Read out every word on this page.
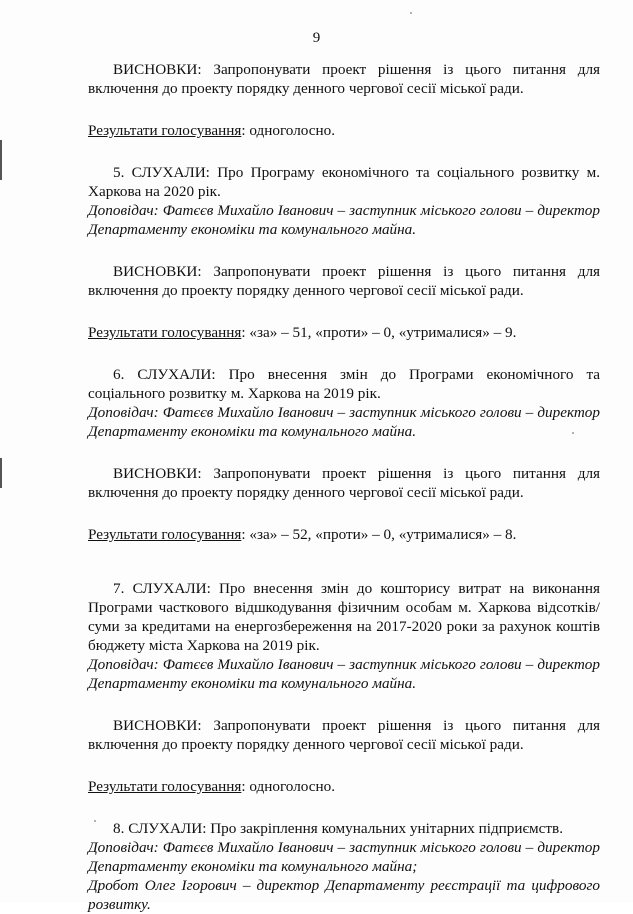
9

ВИСНОВКИ: Запропонувати проект рішення із цього питання для включення до проекту порядку денного чергової сесії міської ради.

Результати голосування: одноголосно.

5. СЛУХАЛИ: Про Програму економічного та соціального розвитку м. Харкова на 2020 рік.

Доповідач: Фатєєв Михайло Іванович – заступник міського голови – директор Департаменту економіки та комунального майна.

ВИСНОВКИ: Запропонувати проект рішення із цього питання для включення до проекту порядку денного чергової сесії міської ради.

Результати голосування: «за» – 51, «проти» – 0, «утрималися» – 9.

6. СЛУХАЛИ: Про внесення змін до Програми економічного та соціального розвитку м. Харкова на 2019 рік.

Доповідач: Фатєєв Михайло Іванович – заступник міського голови – директор Департаменту економіки та комунального майна.

ВИСНОВКИ: Запропонувати проект рішення із цього питання для включення до проекту порядку денного чергової сесії міської ради.

Результати голосування: «за» – 52, «проти» – 0, «утрималися» – 8.

7. СЛУХАЛИ: Про внесення змін до кошторису витрат на виконання Програми часткового відшкодування фізичним особам м. Харкова відсотків/суми за кредитами на енергозбереження на 2017-2020 роки за рахунок коштів бюджету міста Харкова на 2019 рік.

Доповідач: Фатєєв Михайло Іванович – заступник міського голови – директор Департаменту економіки та комунального майна.

ВИСНОВКИ: Запропонувати проект рішення із цього питання для включення до проекту порядку денного чергової сесії міської ради.

Результати голосування: одноголосно.

8. СЛУХАЛИ: Про закріплення комунальних унітарних підприємств.

Доповідач: Фатєєв Михайло Іванович – заступник міського голови – директор Департаменту економіки та комунального майна;

Дробот Олег Ігорович – директор Департаменту реєстрації та цифрового розвитку.
